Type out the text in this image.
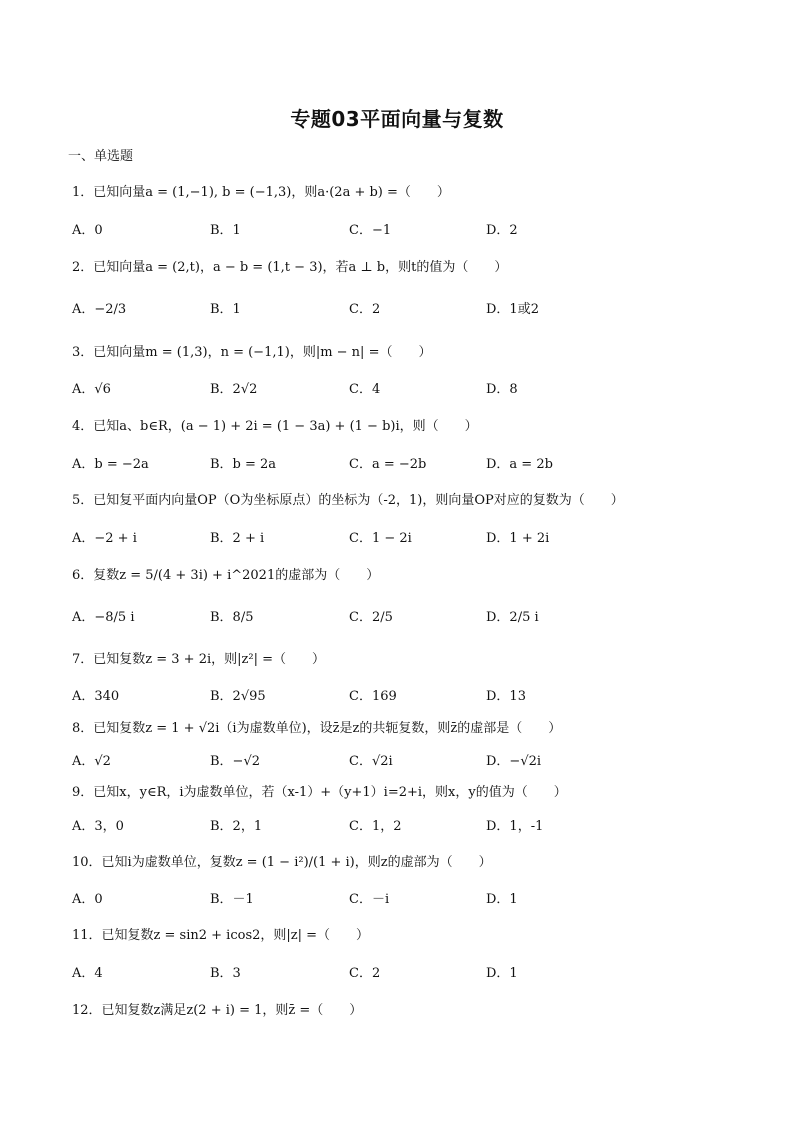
专题03平面向量与复数
一、单选题
1．已知向量a = (1,−1), b = (−1,3)，则a·(2a + b) =（　　）
A．0	B．1	C．−1	D．2
2．已知向量a = (2,t)，a − b = (1,t − 3)，若a ⊥ b，则t的值为（　　）
A．−2/3	B．1	C．2	D．1或2
3．已知向量m = (1,3)，n = (−1,1)，则|m − n| =（　　）
A．√6	B．2√2	C．4	D．8
4．已知a、b∈R，(a − 1) + 2i = (1 − 3a) + (1 − b)i，则（　　）
A．b = −2a	B．b = 2a	C．a = −2b	D．a = 2b
5．已知复平面内向量OP（O为坐标原点）的坐标为（-2，1)，则向量OP对应的复数为（　　）
A．−2 + i	B．2 + i	C．1 − 2i	D．1 + 2i
6．复数z = 5/(4 + 3i) + i^2021的虚部为（　　）
A．−8/5 i	B．8/5	C．2/5	D．2/5 i
7．已知复数z = 3 + 2i，则|z²| =（　　）
A．340	B．2√95	C．169	D．13
8．已知复数z = 1 + √2i（i为虚数单位)，设z̄是z的共轭复数，则z̄的虚部是（　　）
A．√2	B．−√2	C．√2i	D．−√2i
9．已知x，y∈R，i为虚数单位，若（x-1）+（y+1）i=2+i，则x，y的值为（　　）
A．3，0	B．2，1	C．1，2	D．1，-1
10．已知i为虚数单位，复数z = (1 − i²)/(1 + i)，则z的虚部为（　　）
A．0	B．－1	C．－i	D．1
11．已知复数z = sin2 + icos2，则|z| =（　　）
A．4	B．3	C．2	D．1
12．已知复数z满足z(2 + i) = 1，则z̄ =（　　）
